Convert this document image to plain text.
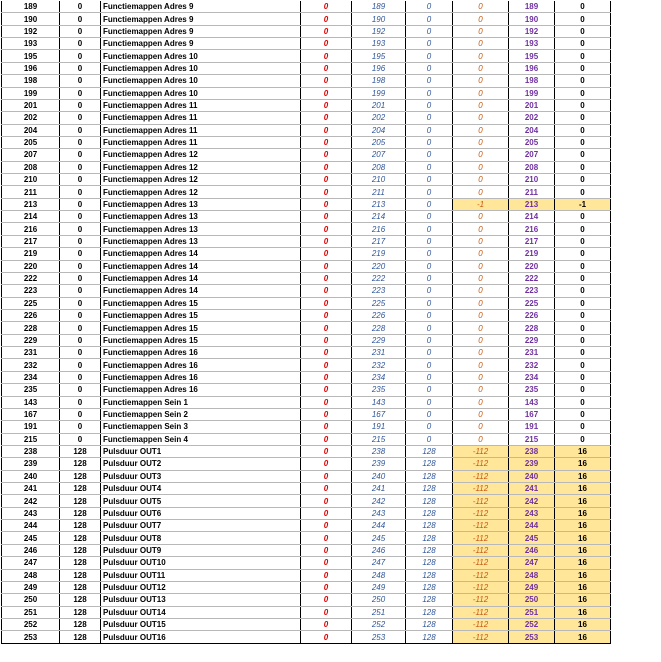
189	0	Functiemappen Adres 9	0	189	0	0	189	0
190	0	Functiemappen Adres 9	0	190	0	0	190	0
192	0	Functiemappen Adres 9	0	192	0	0	192	0
193	0	Functiemappen Adres 9	0	193	0	0	193	0
195	0	Functiemappen Adres 10	0	195	0	0	195	0
196	0	Functiemappen Adres 10	0	196	0	0	196	0
198	0	Functiemappen Adres 10	0	198	0	0	198	0
199	0	Functiemappen Adres 10	0	199	0	0	199	0
201	0	Functiemappen Adres 11	0	201	0	0	201	0
202	0	Functiemappen Adres 11	0	202	0	0	202	0
204	0	Functiemappen Adres 11	0	204	0	0	204	0
205	0	Functiemappen Adres 11	0	205	0	0	205	0
207	0	Functiemappen Adres 12	0	207	0	0	207	0
208	0	Functiemappen Adres 12	0	208	0	0	208	0
210	0	Functiemappen Adres 12	0	210	0	0	210	0
211	0	Functiemappen Adres 12	0	211	0	0	211	0
213	0	Functiemappen Adres 13	0	213	0	-1	213	-1
214	0	Functiemappen Adres 13	0	214	0	0	214	0
216	0	Functiemappen Adres 13	0	216	0	0	216	0
217	0	Functiemappen Adres 13	0	217	0	0	217	0
219	0	Functiemappen Adres 14	0	219	0	0	219	0
220	0	Functiemappen Adres 14	0	220	0	0	220	0
222	0	Functiemappen Adres 14	0	222	0	0	222	0
223	0	Functiemappen Adres 14	0	223	0	0	223	0
225	0	Functiemappen Adres 15	0	225	0	0	225	0
226	0	Functiemappen Adres 15	0	226	0	0	226	0
228	0	Functiemappen Adres 15	0	228	0	0	228	0
229	0	Functiemappen Adres 15	0	229	0	0	229	0
231	0	Functiemappen Adres 16	0	231	0	0	231	0
232	0	Functiemappen Adres 16	0	232	0	0	232	0
234	0	Functiemappen Adres 16	0	234	0	0	234	0
235	0	Functiemappen Adres 16	0	235	0	0	235	0
143	0	Functiemappen Sein 1	0	143	0	0	143	0
167	0	Functiemappen Sein 2	0	167	0	0	167	0
191	0	Functiemappen Sein 3	0	191	0	0	191	0
215	0	Functiemappen Sein 4	0	215	0	0	215	0
238	128	Pulsduur OUT1	0	238	128	-112	238	16
239	128	Pulsduur OUT2	0	239	128	-112	239	16
240	128	Pulsduur OUT3	0	240	128	-112	240	16
241	128	Pulsduur OUT4	0	241	128	-112	241	16
242	128	Pulsduur OUT5	0	242	128	-112	242	16
243	128	Pulsduur OUT6	0	243	128	-112	243	16
244	128	Pulsduur OUT7	0	244	128	-112	244	16
245	128	Pulsduur OUT8	0	245	128	-112	245	16
246	128	Pulsduur OUT9	0	246	128	-112	246	16
247	128	Pulsduur OUT10	0	247	128	-112	247	16
248	128	Pulsduur OUT11	0	248	128	-112	248	16
249	128	Pulsduur OUT12	0	249	128	-112	249	16
250	128	Pulsduur OUT13	0	250	128	-112	250	16
251	128	Pulsduur OUT14	0	251	128	-112	251	16
252	128	Pulsduur OUT15	0	252	128	-112	252	16
253	128	Pulsduur OUT16	0	253	128	-112	253	16
